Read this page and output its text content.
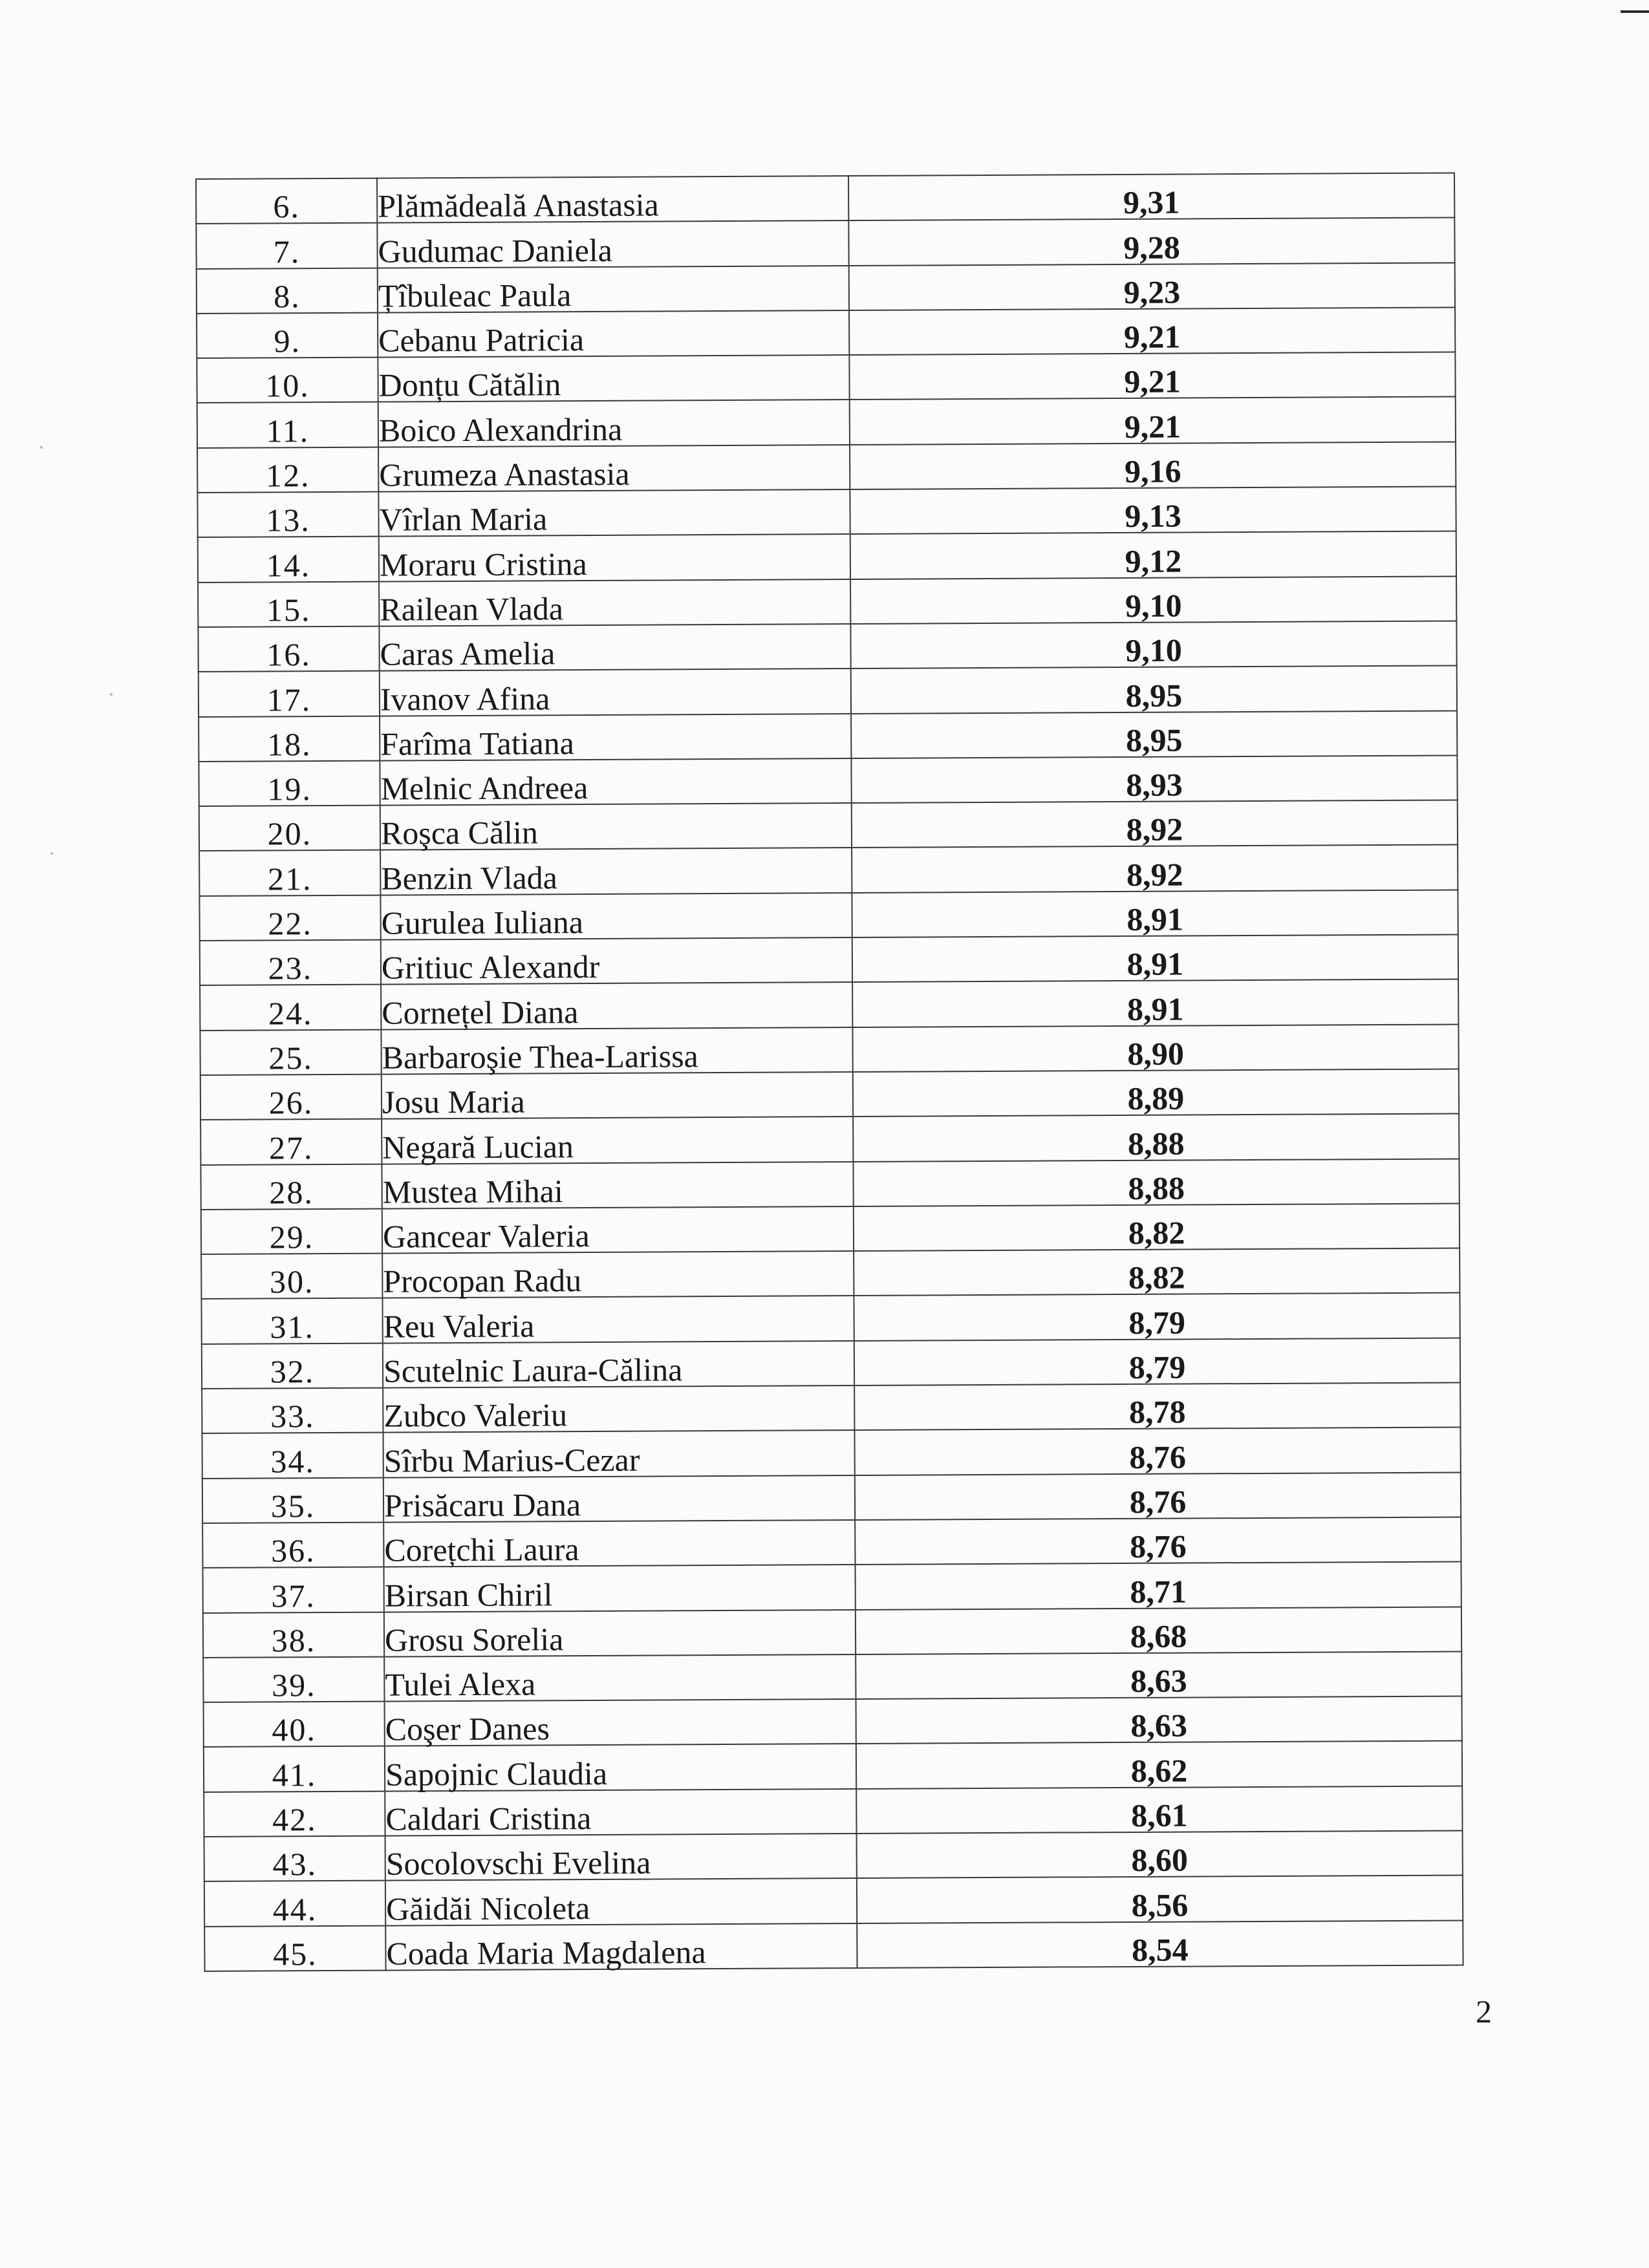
6.	Plămădeală Anastasia	9,31
7.	Gudumac Daniela	9,28
8.	Țîbuleac Paula	9,23
9.	Cebanu Patricia	9,21
10.	Donțu Cătălin	9,21
11.	Boico Alexandrina	9,21
12.	Grumeza Anastasia	9,16
13.	Vîrlan Maria	9,13
14.	Moraru Cristina	9,12
15.	Railean Vlada	9,10
16.	Caras Amelia	9,10
17.	Ivanov Afina	8,95
18.	Farîma Tatiana	8,95
19.	Melnic Andreea	8,93
20.	Roşca Călin	8,92
21.	Benzin Vlada	8,92
22.	Gurulea Iuliana	8,91
23.	Gritiuc Alexandr	8,91
24.	Cornețel Diana	8,91
25.	Barbaroşie Thea-Larissa	8,90
26.	Josu Maria	8,89
27.	Negară Lucian	8,88
28.	Mustea Mihai	8,88
29.	Gancear Valeria	8,82
30.	Procopan Radu	8,82
31.	Reu Valeria	8,79
32.	Scutelnic Laura-Călina	8,79
33.	Zubco Valeriu	8,78
34.	Sîrbu Marius-Cezar	8,76
35.	Prisăcaru Dana	8,76
36.	Corețchi Laura	8,76
37.	Birsan Chiril	8,71
38.	Grosu Sorelia	8,68
39.	Tulei Alexa	8,63
40.	Coşer Danes	8,63
41.	Sapojnic Claudia	8,62
42.	Caldari Cristina	8,61
43.	Socolovschi Evelina	8,60
44.	Găidăi Nicoleta	8,56
45.	Coada Maria Magdalena	8,54
2
